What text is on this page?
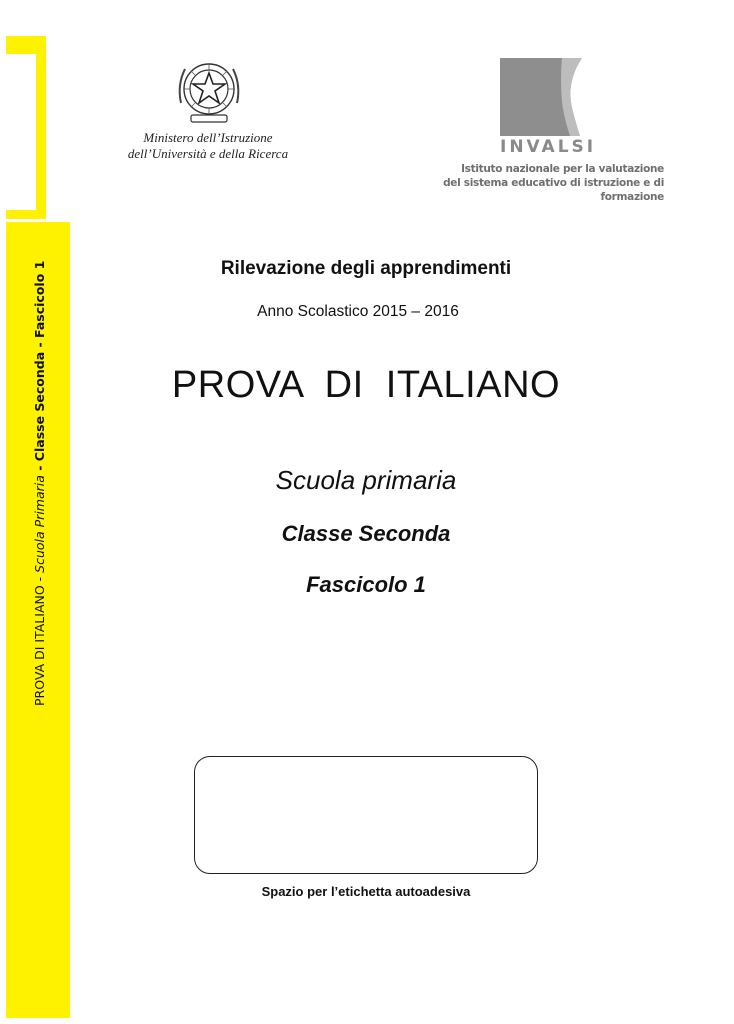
PROVA DI ITALIANO - Scuola Primaria - Classe Seconda - Fascicolo 1
Ministero dell’Istruzione
dell’Università e della Ricerca	INVALSI
Istituto nazionale per la valutazione
del sistema educativo di istruzione e di formazione
Rilevazione degli apprendimenti
Anno Scolastico 2015 – 2016
PROVA  DI  ITALIANO
Scuola primaria
Classe Seconda
Fascicolo 1
Spazio per l’etichetta autoadesiva
